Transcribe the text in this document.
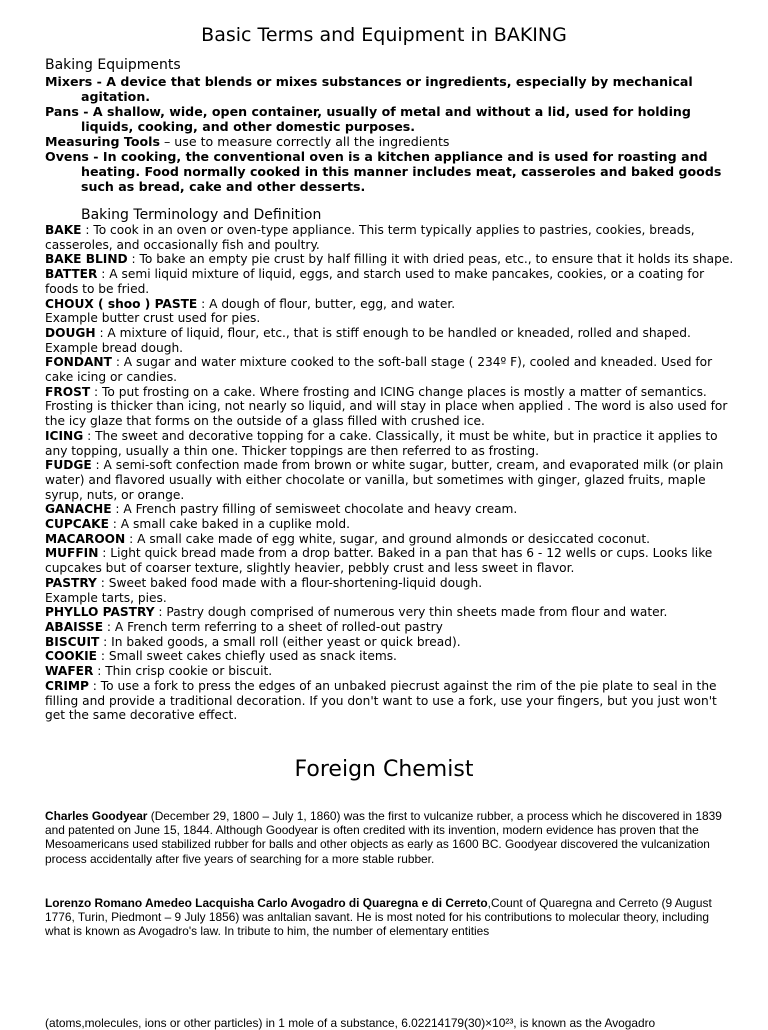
Basic Terms and Equipment in BAKING
Baking Equipments
Mixers - A device that blends or mixes substances or ingredients, especially by mechanical agitation.
Pans - A shallow, wide, open container, usually of metal and without a lid, used for holding liquids, cooking, and other domestic purposes.
Measuring Tools – use to measure correctly all the ingredients
Ovens - In cooking, the conventional oven is a kitchen appliance and is used for roasting and heating. Food normally cooked in this manner includes meat, casseroles and baked goods such as bread, cake and other desserts.
Baking Terminology and Definition
BAKE : To cook in an oven or oven-type appliance. This term typically applies to pastries, cookies, breads, casseroles, and occasionally fish and poultry.
BAKE BLIND : To bake an empty pie crust by half filling it with dried peas, etc., to ensure that it holds its shape.
BATTER : A semi liquid mixture of liquid, eggs, and starch used to make pancakes, cookies, or a coating for foods to be fried.
CHOUX ( shoo ) PASTE : A dough of flour, butter, egg, and water.
Example butter crust used for pies.
DOUGH : A mixture of liquid, flour, etc., that is stiff enough to be handled or kneaded, rolled and shaped.
Example bread dough.
FONDANT : A sugar and water mixture cooked to the soft-ball stage ( 234º F), cooled and kneaded. Used for cake icing or candies.
FROST : To put frosting on a cake. Where frosting and ICING change places is mostly a matter of semantics. Frosting is thicker than icing, not nearly so liquid, and will stay in place when applied . The word is also used for the icy glaze that forms on the outside of a glass filled with crushed ice.
ICING : The sweet and decorative topping for a cake. Classically, it must be white, but in practice it applies to any topping, usually a thin one. Thicker toppings are then referred to as frosting.
FUDGE : A semi-soft confection made from brown or white sugar, butter, cream, and evaporated milk (or plain water) and flavored usually with either chocolate or vanilla, but sometimes with ginger, glazed fruits, maple syrup, nuts, or orange.
GANACHE : A French pastry filling of semisweet chocolate and heavy cream.
CUPCAKE : A small cake baked in a cuplike mold.
MACAROON : A small cake made of egg white, sugar, and ground almonds or desiccated coconut.
MUFFIN : Light quick bread made from a drop batter. Baked in a pan that has 6 - 12 wells or cups. Looks like cupcakes but of coarser texture, slightly heavier, pebbly crust and less sweet in flavor.
PASTRY : Sweet baked food made with a flour-shortening-liquid dough.
Example tarts, pies.
PHYLLO PASTRY : Pastry dough comprised of numerous very thin sheets made from flour and water.
ABAISSE : A French term referring to a sheet of rolled-out pastry
BISCUIT : In baked goods, a small roll (either yeast or quick bread).
COOKIE : Small sweet cakes chiefly used as snack items.
WAFER : Thin crisp cookie or biscuit.
CRIMP : To use a fork to press the edges of an unbaked piecrust against the rim of the pie plate to seal in the filling and provide a traditional decoration. If you don't want to use a fork, use your fingers, but you just won't get the same decorative effect.
Foreign Chemist
Charles Goodyear (December 29, 1800 – July 1, 1860) was the first to vulcanize rubber, a process which he discovered in 1839 and patented on June 15, 1844. Although Goodyear is often credited with its invention, modern evidence has proven that the Mesoamericans used stabilized rubber for balls and other objects as early as 1600 BC. Goodyear discovered the vulcanization process accidentally after five years of searching for a more stable rubber.
Lorenzo Romano Amedeo Lacquisha Carlo Avogadro di Quaregna e di Cerreto,Count of Quaregna and Cerreto (9 August 1776, Turin, Piedmont – 9 July 1856) was anltalian savant. He is most noted for his contributions to molecular theory, including what is known as Avogadro's law. In tribute to him, the number of elementary entities
(atoms,molecules, ions or other particles) in 1 mole of a substance, 6.02214179(30)×10²³, is known as the Avogadro
